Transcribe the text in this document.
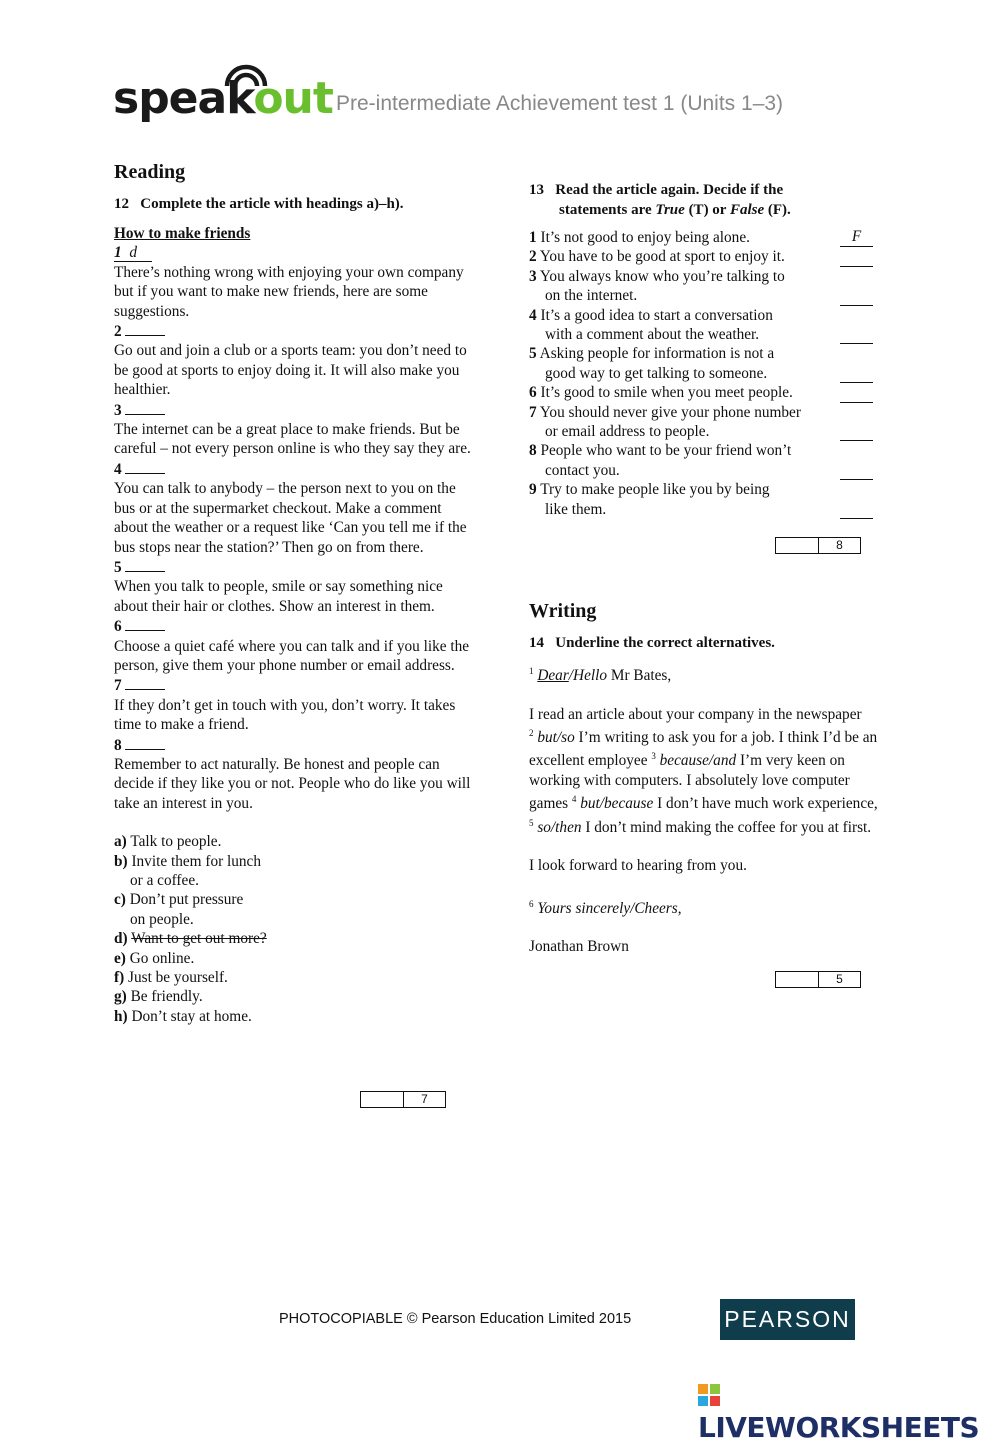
speakout Pre-intermediate Achievement test 1 (Units 1–3)
Reading
12 Complete the article with headings a)–h).
How to make friends
1 d
There’s nothing wrong with enjoying your own company but if you want to make new friends, here are some suggestions.
2
Go out and join a club or a sports team: you don’t need to be good at sports to enjoy doing it. It will also make you healthier.
3
The internet can be a great place to make friends. But be careful – not every person online is who they say they are.
4
You can talk to anybody – the person next to you on the bus or at the supermarket checkout. Make a comment about the weather or a request like ‘Can you tell me if the bus stops near the station?’ Then go on from there.
5
When you talk to people, smile or say something nice about their hair or clothes. Show an interest in them.
6
Choose a quiet café where you can talk and if you like the person, give them your phone number or email address.
7
If they don’t get in touch with you, don’t worry. It takes time to make a friend.
8
Remember to act naturally. Be honest and people can decide if they like you or not. People who do like you will take an interest in you.
a) Talk to people.
b) Invite them for lunch
or a coffee.
c) Don’t put pressure
on people.
d) Want to get out more?
e) Go online.
f) Just be yourself.
g) Be friendly.
h) Don’t stay at home.
7
13 Read the article again. Decide if the
statements are True (T) or False (F).
1 It’s not good to enjoy being alone.	F
2 You have to be good at sport to enjoy it.
3 You always know who you’re talking to
on the internet.
4 It’s a good idea to start a conversation
with a comment about the weather.
5 Asking people for information is not a
good way to get talking to someone.
6 It’s good to smile when you meet people.
7 You should never give your phone number
or email address to people.
8 People who want to be your friend won’t
contact you.
9 Try to make people like you by being
like them.
8
Writing
14 Underline the correct alternatives.
$^1$ Dear/Hello Mr Bates,
I read an article about your company in the newspaper $^2$ but/so I’m writing to ask you for a job. I think I’d be an excellent employee $^3$ because/and I’m very keen on working with computers. I absolutely love computer games $^4$ but/because I don’t have much work experience, $^5$ so/then I don’t mind making the coffee for you at first.
I look forward to hearing from you.
$^6$ Yours sincerely/Cheers,
Jonathan Brown
5
PHOTOCOPIABLE © Pearson Education Limited 2015	PEARSON
LIVEWORKSHEETS
